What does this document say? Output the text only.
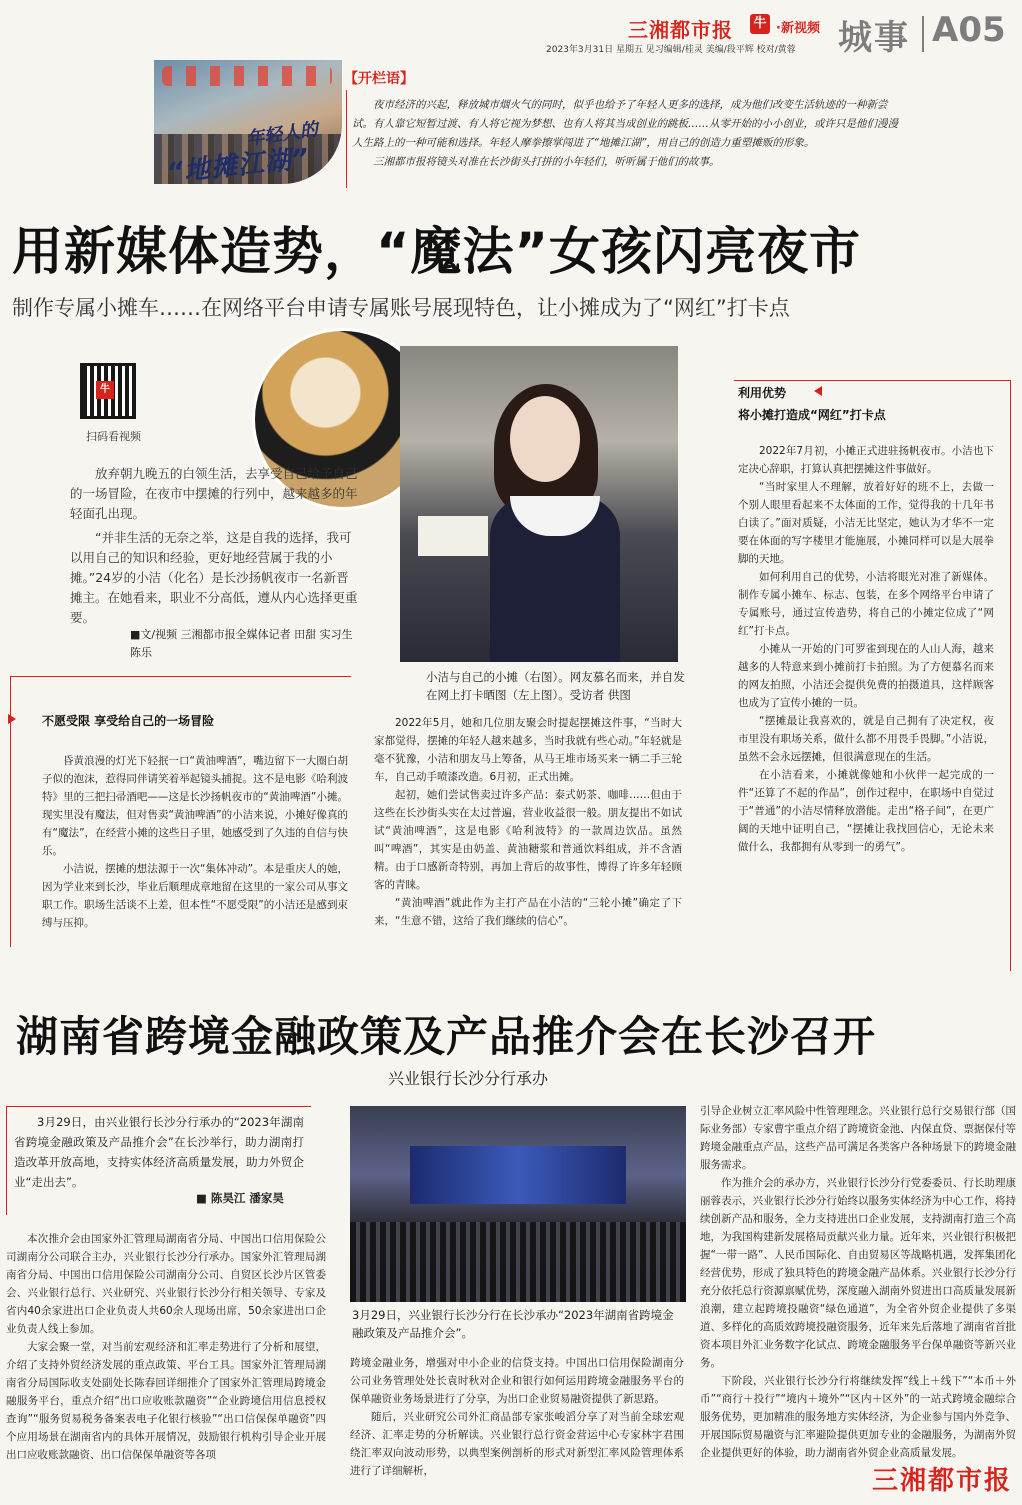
三湘都市报 牛 ·新视频 城事 A05
2023年3月31日 星期五 见习编辑/桂灵 美编/段平辉 校对/黄蓉
年轻人的
“地摊江湖”
【开栏语】

夜市经济的兴起，释放城市烟火气的同时，似乎也给予了年轻人更多的选择，成为他们改变生活轨迹的一种新尝试。有人靠它短暂过渡、有人将它视为梦想、也有人将其当成创业的跳板……从零开始的小小创业，或许只是他们漫漫人生路上的一种可能和选择。年轻人摩拳擦掌闯进了“地摊江湖”，用自己的创造力重塑摊贩的形象。

三湘都市报将镜头对准在长沙街头打拼的小年轻们，听听属于他们的故事。

用新媒体造势，“魔法”女孩闪亮夜市
制作专属小摊车……在网络平台申请专属账号展现特色，让小摊成为了“网红”打卡点
牛
扫码看视频

放弃朝九晚五的白领生活，去享受自己给予自己的一场冒险，在夜市中摆摊的行列中，越来越多的年轻面孔出现。

“并非生活的无奈之举，这是自我的选择，我可以用自己的知识和经验，更好地经营属于我的小摊。”24岁的小洁（化名）是长沙扬帆夜市一名新晋摊主。在她看来，职业不分高低，遵从内心选择更重要。

■文/视频 三湘都市报全媒体记者 田甜 实习生 陈乐
小洁与自己的小摊（右图）。网友慕名而来，并自发在网上打卡晒图（左上图）。受访者 供图
不愿受限 享受给自己的一场冒险

昏黄浪漫的灯光下轻抿一口“黄油啤酒”，嘴边留下一大圈白胡子似的泡沫，惹得同伴请笑着举起镜头捕捉。这不是电影《哈利波特》里的三把扫帚酒吧——这是长沙扬帆夜市的“黄油啤酒”小摊。现实里没有魔法，但对售卖“黄油啤酒”的小洁来说，小摊好像真的有“魔法”，在经营小摊的这些日子里，她感受到了久违的自信与快乐。

小洁说，摆摊的想法源于一次“集体冲动”。本是重庆人的她，因为学业来到长沙，毕业后顺理成章地留在这里的一家公司从事文职工作。职场生活谈不上差，但本性“不愿受限”的小洁还是感到束缚与压抑。

2022年5月，她和几位朋友聚会时提起摆摊这件事，“当时大家都觉得，摆摊的年轻人越来越多，当时我就有些心动。”年轻就是毫不犹豫，小洁和朋友马上筹备，从马王堆市场买来一辆二手三轮车，自己动手喷漆改造。6月初，正式出摊。

起初，她们尝试售卖过许多产品：泰式奶茶、咖啡……但由于这些在长沙街头实在太过普遍，营业收益很一般。朋友提出不如试试“黄油啤酒”，这是电影《哈利波特》的一款周边饮品。虽然叫“啤酒”，其实是由奶盖、黄油糖浆和普通饮料组成，并不含酒精。由于口感新奇特别，再加上背后的故事性，博得了许多年轻顾客的青睐。

“黄油啤酒”就此作为主打产品在小洁的“三轮小摊”确定了下来，“生意不错，这给了我们继续的信心”。

利用优势
将小摊打造成“网红”打卡点

2022年7月初，小摊正式进驻扬帆夜市。小洁也下定决心辞职，打算认真把摆摊这件事做好。

“当时家里人不理解，放着好好的班不上，去做一个别人眼里看起来不太体面的工作，觉得我的十几年书白读了。”面对质疑，小洁无比坚定，她认为才华不一定要在体面的写字楼里才能施展，小摊同样可以是大展拳脚的天地。

如何利用自己的优势，小洁将眼光对准了新媒体。制作专属小摊车、标志、包装，在多个网络平台申请了专属账号，通过宣传造势，将自己的小摊定位成了“网红”打卡点。

小摊从一开始的门可罗雀到现在的人山人海，越来越多的人特意来到小摊前打卡拍照。为了方便慕名而来的网友拍照，小洁还会提供免费的拍摄道具，这样顾客也成为了宣传小摊的一员。

“摆摊最让我喜欢的，就是自己拥有了决定权，夜市里没有职场关系，做什么都不用畏手畏脚。”小洁说，虽然不会永远摆摊，但很满意现在的生活。

在小洁看来，小摊就像她和小伙伴一起完成的一件“还算了不起的作品”，创作过程中，在职场中自觉过于“普通”的小洁尽情释放潜能。走出“格子间”，在更广阔的天地中证明自己，“摆摊让我找回信心，无论未来做什么，我都拥有从零到一的勇气”。

湖南省跨境金融政策及产品推介会在长沙召开
兴业银行长沙分行承办

3月29日，由兴业银行长沙分行承办的“2023年湖南省跨境金融政策及产品推介会”在长沙举行，助力湖南打造改革开放高地，支持实体经济高质量发展，助力外贸企业“走出去”。

■ 陈昊江 潘家昊

本次推介会由国家外汇管理局湖南省分局、中国出口信用保险公司湖南分公司联合主办，兴业银行长沙分行承办。国家外汇管理局湖南省分局、中国出口信用保险公司湖南分公司、自贸区长沙片区管委会、兴业银行总行、兴业研究、兴业银行长沙分行相关领导、专家及省内40余家进出口企业负责人共60余人现场出席，50余家进出口企业负责人线上参加。

大家会聚一堂，对当前宏观经济和汇率走势进行了分析和展望，介绍了支持外贸经济发展的重点政策、平台工具。国家外汇管理局湖南省分局国际收支处副处长陈春回详细推介了国家外汇管理局跨境金融服务平台，重点介绍“出口应收账款融资”“企业跨境信用信息授权查询”“服务贸易税务备案表电子化银行核验”“出口信保保单融资”四个应用场景在湖南省内的具体开展情况，鼓励银行机构引导企业开展出口应收账款融资、出口信保保单融资等各项

3月29日，兴业银行长沙分行在长沙承办“2023年湖南省跨境金融政策及产品推介会”。

跨境金融业务，增强对中小企业的信贷支持。中国出口信用保险湖南分公司业务管理处处长袁时秋对企业和银行如何运用跨境金融服务平台的保单融资业务场景进行了分享，为出口企业贸易融资提供了新思路。

随后，兴业研究公司外汇商品部专家张峻滔分享了对当前全球宏观经济、汇率走势的分析解读。兴业银行总行资金营运中心专家林宇君围绕汇率双向波动形势，以典型案例剖析的形式对新型汇率风险管理体系进行了详细解析，

引导企业树立汇率风险中性管理理念。兴业银行总行交易银行部（国际业务部）专家曹宇重点介绍了跨境资金池、内保直贷、票据保付等跨境金融重点产品，这些产品可满足各类客户各种场景下的跨境金融服务需求。

作为推介会的承办方，兴业银行长沙分行党委委员、行长助理康丽蓉表示，兴业银行长沙分行始终以服务实体经济为中心工作，将持续创新产品和服务，全力支持进出口企业发展，支持湖南打造三个高地，为我国构建新发展格局贡献兴业力量。近年来，兴业银行积极把握“一带一路”、人民币国际化、自由贸易区等战略机遇，发挥集团化经营优势，形成了独具特色的跨境金融产品体系。兴业银行长沙分行充分依托总行资源禀赋优势，深度融入湖南外贸进出口高质量发展新浪潮，建立起跨境投融资“绿色通道”，为全省外贸企业提供了多渠道、多样化的高质效跨境投融资服务，近年来先后落地了湖南省首批资本项目外汇业务数字化试点、跨境金融服务平台保单融资等新兴业务。

下阶段，兴业银行长沙分行将继续发挥“线上＋线下”“本币＋外币”“商行＋投行”“境内＋境外”“区内＋区外”的一站式跨境金融综合服务优势，更加精准的服务地方实体经济，为企业参与国内外竞争、开展国际贸易融资与汇率避险提供更加专业的金融服务，为湖南外贸企业提供更好的体验，助力湖南省外贸企业高质量发展。

三湘都市报
